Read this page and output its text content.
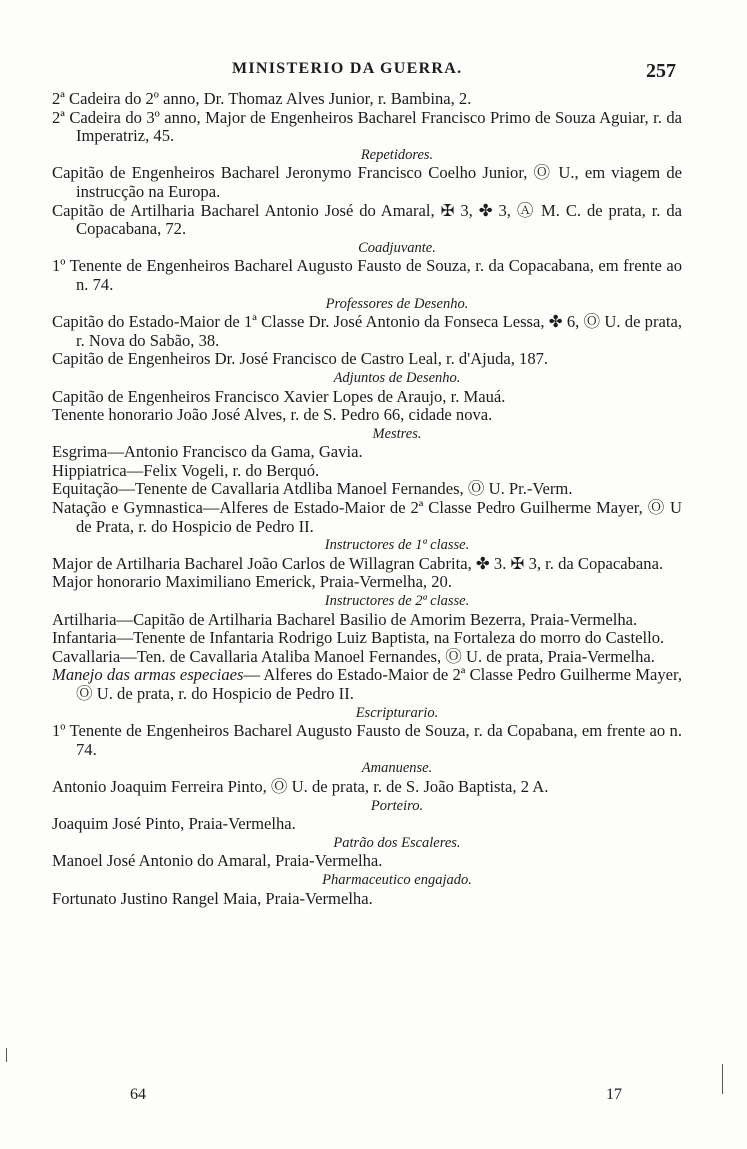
MINISTERIO DA GUERRA.	257

2ª Cadeira do 2º anno, Dr. Thomaz Alves Junior, r. Bambina, 2.

2ª Cadeira do 3º anno, Major de Engenheiros Bacharel Francisco Primo de Souza Aguiar, r. da Imperatriz, 45.

Repetidores.

Capitão de Engenheiros Bacharel Jeronymo Francisco Coelho Junior, Ⓞ U., em viagem de instrucção na Europa.

Capitão de Artilharia Bacharel Antonio José do Amaral, ✠ 3, ✤ 3, Ⓐ M. C. de prata, r. da Copacabana, 72.

Coadjuvante.

1º Tenente de Engenheiros Bacharel Augusto Fausto de Souza, r. da Copacabana, em frente ao n. 74.

Professores de Desenho.

Capitão do Estado-Maior de 1ª Classe Dr. José Antonio da Fonseca Lessa, ✤ 6, Ⓞ U. de prata, r. Nova do Sabão, 38.

Capitão de Engenheiros Dr. José Francisco de Castro Leal, r. d'Ajuda, 187.

Adjuntos de Desenho.

Capitão de Engenheiros Francisco Xavier Lopes de Araujo, r. Mauá.

Tenente honorario João José Alves, r. de S. Pedro 66, cidade nova.

Mestres.

Esgrima—Antonio Francisco da Gama, Gavia.

Hippiatrica—Felix Vogeli, r. do Berquó.

Equitação—Tenente de Cavallaria Atdliba Manoel Fernandes, Ⓞ U. Pr.-Verm.

Natação e Gymnastica—Alferes de Estado-Maior de 2ª Classe Pedro Guilherme Mayer, Ⓞ U de Prata, r. do Hospicio de Pedro II.

Instructores de 1ª classe.

Major de Artilharia Bacharel João Carlos de Willagran Cabrita, ✤ 3. ✠ 3, r. da Copacabana.

Major honorario Maximiliano Emerick, Praia-Vermelha, 20.

Instructores de 2ª classe.

Artilharia—Capitão de Artilharia Bacharel Basilio de Amorim Bezerra, Praia-Vermelha.

Infantaria—Tenente de Infantaria Rodrigo Luiz Baptista, na Fortaleza do morro do Castello.

Cavallaria—Ten. de Cavallaria Ataliba Manoel Fernandes, Ⓞ U. de prata, Praia-Vermelha.

Manejo das armas especiaes— Alferes do Estado-Maior de 2ª Classe Pedro Guilherme Mayer, Ⓞ U. de prata, r. do Hospicio de Pedro II.

Escripturario.

1º Tenente de Engenheiros Bacharel Augusto Fausto de Souza, r. da Copabana, em frente ao n. 74.

Amanuense.

Antonio Joaquim Ferreira Pinto, Ⓞ U. de prata, r. de S. João Baptista, 2 A.

Porteiro.

Joaquim José Pinto, Praia-Vermelha.

Patrão dos Escaleres.

Manoel José Antonio do Amaral, Praia-Vermelha.

Pharmaceutico engajado.

Fortunato Justino Rangel Maia, Praia-Vermelha.

64	17
